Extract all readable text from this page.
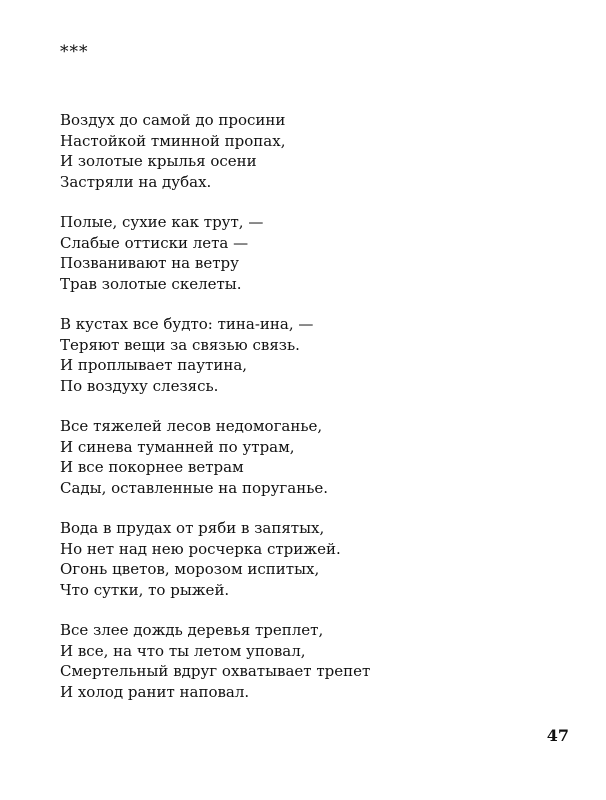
***
Воздух до самой до просини
Настойкой тминной пропах,
И золотые крылья осени
Застряли на дубах.
Полые, сухие как трут, —
Слабые оттиски лета —
Позванивают на ветру
Трав золотые скелеты.
В кустах все будто: тина-ина, —
Теряют вещи за связью связь.
И проплывает паутина,
По воздуху слезясь.
Все тяжелей лесов недомоганье,
И синева туманней по утрам,
И все покорнее ветрам
Сады, оставленные на поруганье.
Вода в прудах от ряби в запятых,
Но нет над нею росчерка стрижей.
Огонь цветов, морозом испитых,
Что сутки, то рыжей.
Все злее дождь деревья треплет,
И все, на что ты летом уповал,
Смертельный вдруг охватывает трепет
И холод ранит наповал.
47
